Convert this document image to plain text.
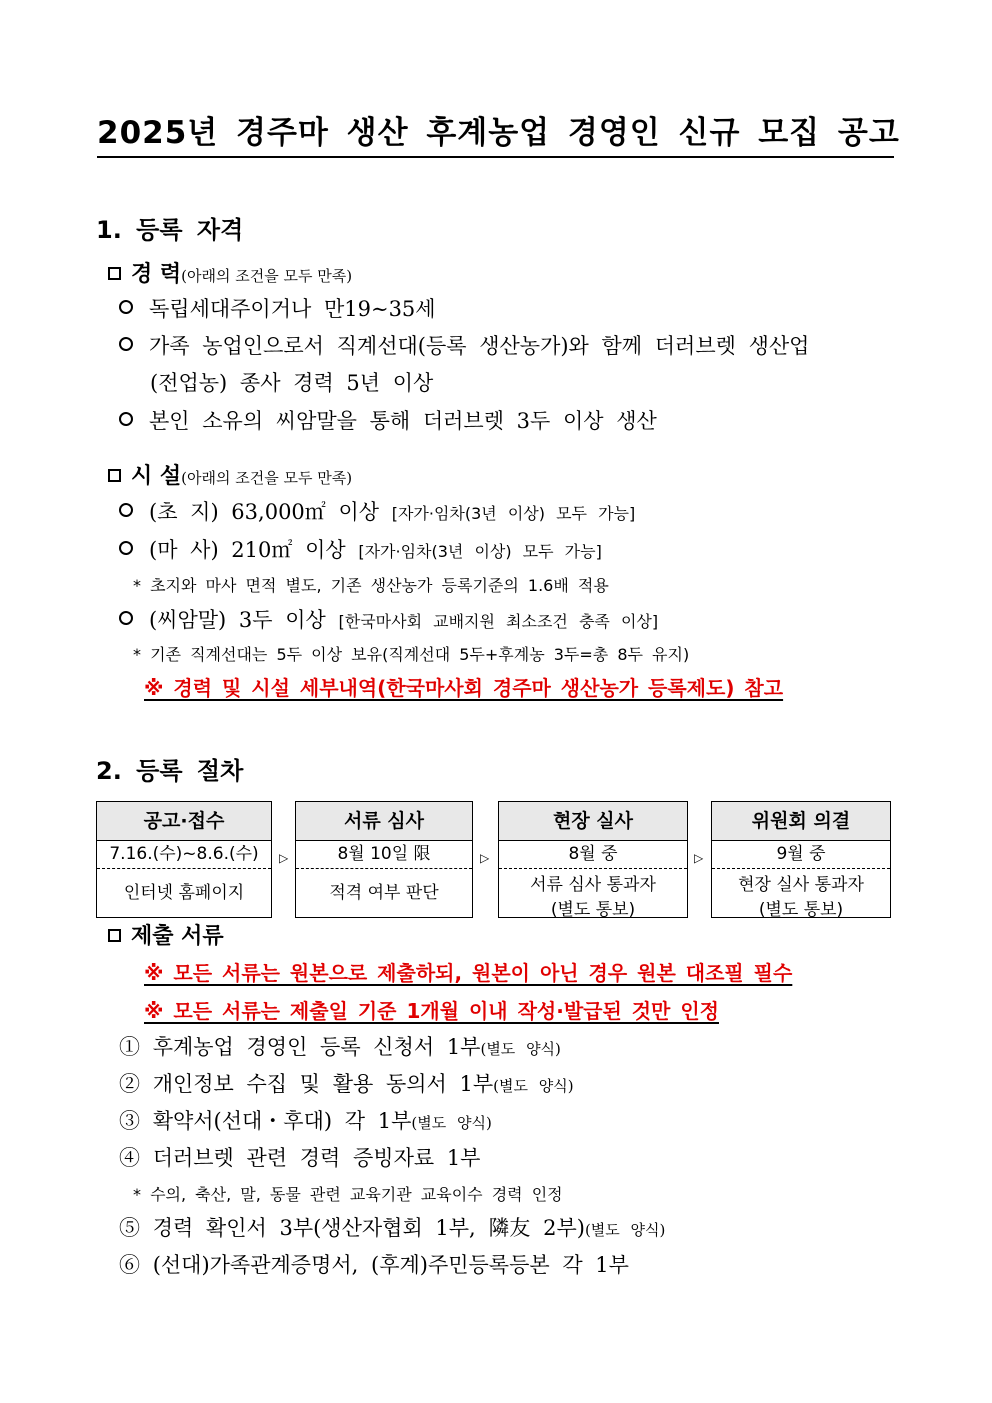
2025년 경주마 생산 후계농업 경영인 신규 모집 공고
1. 등록 자격
경 력(아래의 조건을 모두 만족)
독립세대주이거나 만19∼35세
가족 농업인으로서 직계선대(등록 생산농가)와 함께 더러브렛 생산업
(전업농) 종사 경력 5년 이상
본인 소유의 씨암말을 통해 더러브렛 3두 이상 생산
시 설(아래의 조건을 모두 만족)
(초 지) 63,000㎡ 이상 [자가·임차(3년 이상) 모두 가능]
(마 사) 210㎡ 이상 [자가·임차(3년 이상) 모두 가능]
* 초지와 마사 면적 별도, 기존 생산농가 등록기준의 1.6배 적용
(씨암말) 3두 이상 [한국마사회 교배지원 최소조건 충족 이상]
* 기존 직계선대는 5두 이상 보유(직계선대 5두+후계농 3두=총 8두 유지)
※ 경력 및 시설 세부내역(한국마사회 경주마 생산농가 등록제도) 참고
2. 등록 절차
공고·접수
7.16.(수)~8.6.(수)
인터넷 홈페이지
▷
서류 심사
8월 10일 限
적격 여부 판단
▷
현장 실사
8월 중
서류 심사 통과자
(별도 통보)
▷
위원회 의결
9월 중
현장 실사 통과자
(별도 통보)
제출 서류
※ 모든 서류는 원본으로 제출하되, 원본이 아닌 경우 원본 대조필 필수
※ 모든 서류는 제출일 기준 1개월 이내 작성·발급된 것만 인정
① 후계농업 경영인 등록 신청서 1부(별도 양식)
② 개인정보 수집 및 활용 동의서 1부(별도 양식)
③ 확약서(선대・후대) 각 1부(별도 양식)
④ 더러브렛 관련 경력 증빙자료 1부
* 수의, 축산, 말, 동물 관련 교육기관 교육이수 경력 인정
⑤ 경력 확인서 3부(생산자협회 1부, 隣友 2부)(별도 양식)
⑥ (선대)가족관계증명서, (후계)주민등록등본 각 1부
